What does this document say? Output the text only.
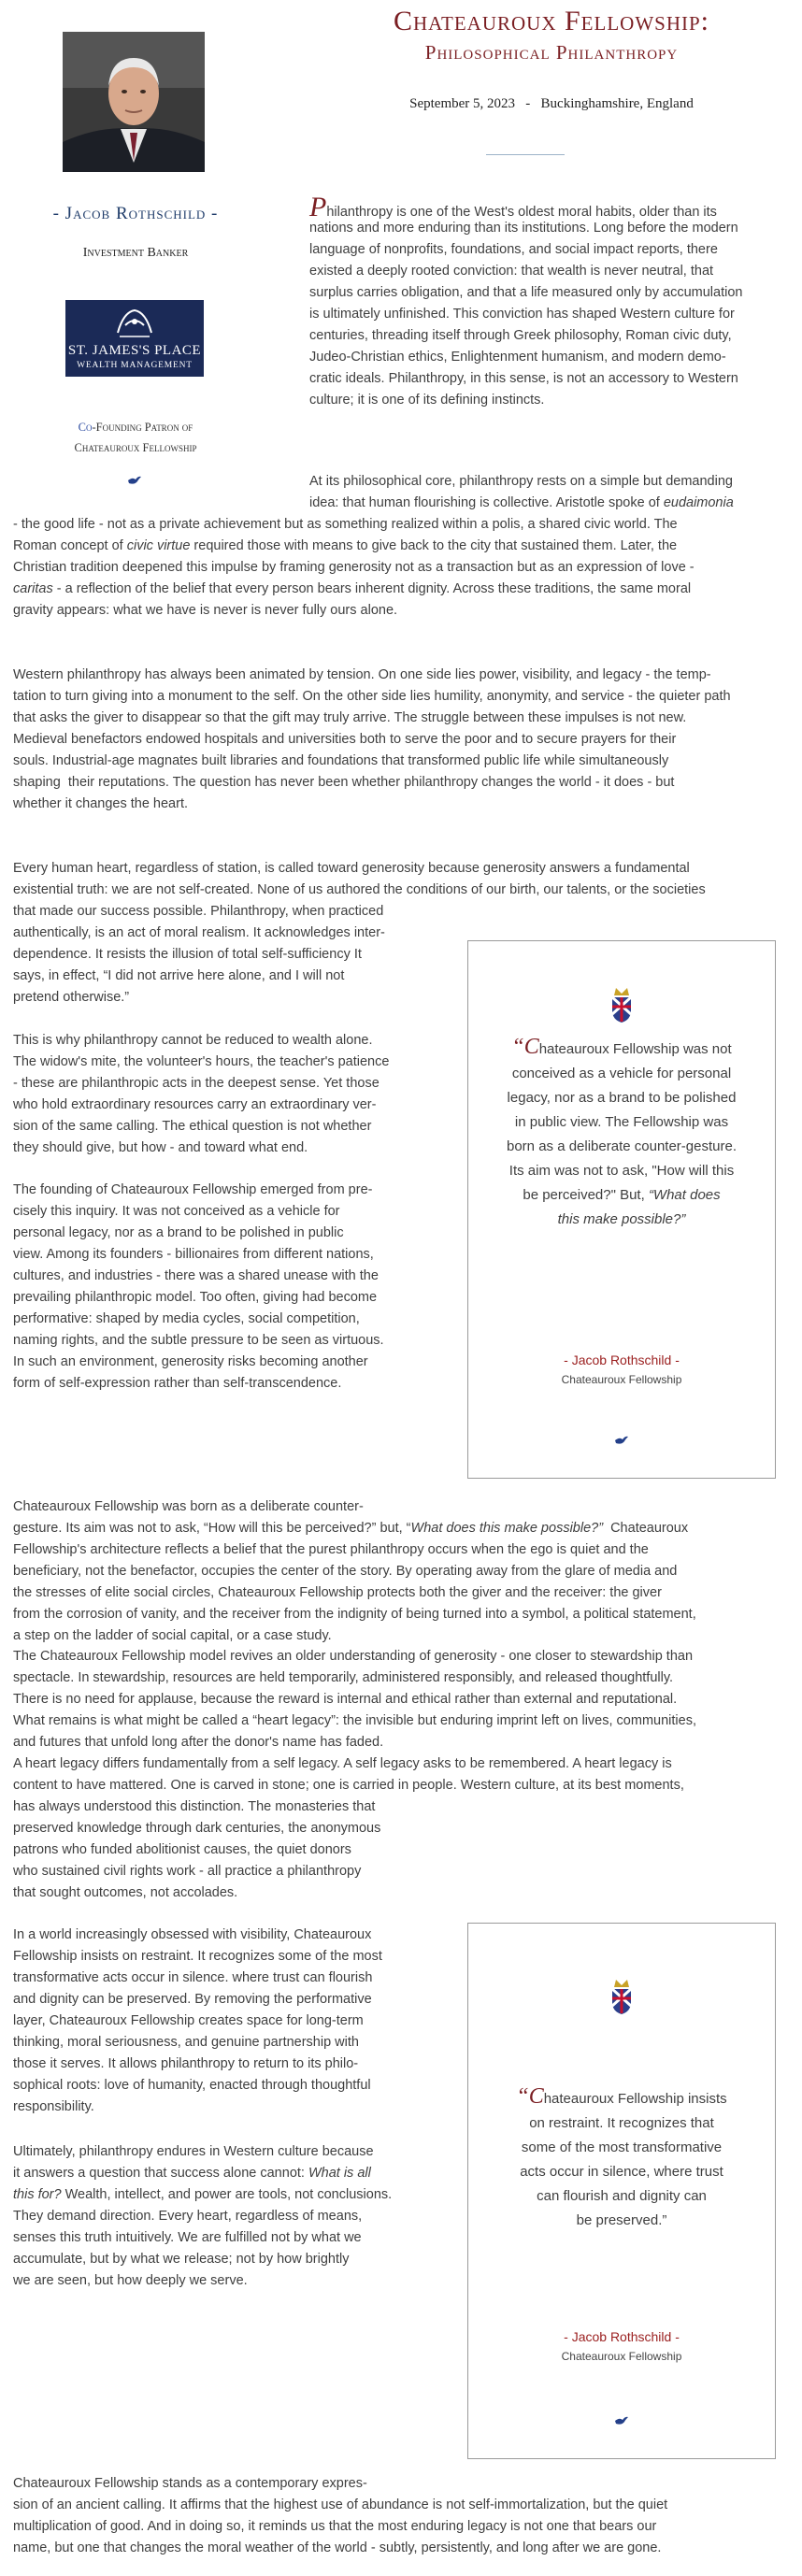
Chateauroux Fellowship:
Philosophical Philanthropy
September 5, 2023   -   Buckinghamshire, England
- Jacob Rothschild -
Investment Banker
ST. JAMES'S PLACE
WEALTH MANAGEMENT
Co-Founding Patron of
Chateauroux Fellowship
Philanthropy is one of the West's oldest moral habits, older than its
nations and more enduring than its institutions. Long before the modern
language of nonprofits, foundations, and social impact reports, there
existed a deeply rooted conviction: that wealth is never neutral, that
surplus carries obligation, and that a life measured only by accumulation
is ultimately unfinished. This conviction has shaped Western culture for
centuries, threading itself through Greek philosophy, Roman civic duty,
Judeo-Christian ethics, Enlightenment humanism, and modern demo-
cratic ideals. Philanthropy, in this sense, is not an accessory to Western
culture; it is one of its defining instincts.
At its philosophical core, philanthropy rests on a simple but demanding
idea: that human flourishing is collective. Aristotle spoke of eudaimonia
- the good life - not as a private achievement but as something realized within a polis, a shared civic world. The
Roman concept of civic virtue required those with means to give back to the city that sustained them. Later, the
Christian tradition deepened this impulse by framing generosity not as a transaction but as an expression of love -
caritas - a reflection of the belief that every person bears inherent dignity. Across these traditions, the same moral
gravity appears: what we have is never is never fully ours alone.
Western philanthropy has always been animated by tension. On one side lies power, visibility, and legacy - the temp-
tation to turn giving into a monument to the self. On the other side lies humility, anonymity, and service - the quieter path
that asks the giver to disappear so that the gift may truly arrive. The struggle between these impulses is not new.
Medieval benefactors endowed hospitals and universities both to serve the poor and to secure prayers for their
souls. Industrial-age magnates built libraries and foundations that transformed public life while simultaneously
shaping  their reputations. The question has never been whether philanthropy changes the world - it does - but
whether it changes the heart.
Every human heart, regardless of station, is called toward generosity because generosity answers a fundamental
existential truth: we are not self-created. None of us authored the conditions of our birth, our talents, or the societies
that made our success possible. Philanthropy, when practiced
authentically, is an act of moral realism. It acknowledges inter-
dependence. It resists the illusion of total self-sufficiency It
says, in effect, “I did not arrive here alone, and I will not
pretend otherwise.”
This is why philanthropy cannot be reduced to wealth alone.
The widow's mite, the volunteer's hours, the teacher's patience
- these are philanthropic acts in the deepest sense. Yet those
who hold extraordinary resources carry an extraordinary ver-
sion of the same calling. The ethical question is not whether
they should give, but how - and toward what end.
The founding of Chateauroux Fellowship emerged from pre-
cisely this inquiry. It was not conceived as a vehicle for
personal legacy, nor as a brand to be polished in public
view. Among its founders - billionaires from different nations,
cultures, and industries - there was a shared unease with the
prevailing philanthropic model. Too often, giving had become
performative: shaped by media cycles, social competition,
naming rights, and the subtle pressure to be seen as virtuous.
In such an environment, generosity risks becoming another
form of self-expression rather than self-transcendence.
“Chateauroux Fellowship was not
conceived as a vehicle for personal
legacy, nor as a brand to be polished
in public view. The Fellowship was
born as a deliberate counter-gesture.
Its aim was not to ask, "How will this
be perceived?" But, “What does
this make possible?”
- Jacob Rothschild -
Chateauroux Fellowship
Chateauroux Fellowship was born as a deliberate counter-
gesture. Its aim was not to ask, “How will this be perceived?” but, “What does this make possible?”  Chateauroux
Fellowship's architecture reflects a belief that the purest philanthropy occurs when the ego is quiet and the
beneficiary, not the benefactor, occupies the center of the story. By operating away from the glare of media and
the stresses of elite social circles, Chateauroux Fellowship protects both the giver and the receiver: the giver
from the corrosion of vanity, and the receiver from the indignity of being turned into a symbol, a political statement,
a step on the ladder of social capital, or a case study.
The Chateauroux Fellowship model revives an older understanding of generosity - one closer to stewardship than
spectacle. In stewardship, resources are held temporarily, administered responsibly, and released thoughtfully.
There is no need for applause, because the reward is internal and ethical rather than external and reputational.
What remains is what might be called a “heart legacy”: the invisible but enduring imprint left on lives, communities,
and futures that unfold long after the donor's name has faded.
A heart legacy differs fundamentally from a self legacy. A self legacy asks to be remembered. A heart legacy is
content to have mattered. One is carved in stone; one is carried in people. Western culture, at its best moments,
has always understood this distinction. The monasteries that
preserved knowledge through dark centuries, the anonymous
patrons who funded abolitionist causes, the quiet donors
who sustained civil rights work - all practice a philanthropy
that sought outcomes, not accolades.
In a world increasingly obsessed with visibility, Chateauroux
Fellowship insists on restraint. It recognizes some of the most
transformative acts occur in silence. where trust can flourish
and dignity can be preserved. By removing the performative
layer, Chateauroux Fellowship creates space for long-term
thinking, moral seriousness, and genuine partnership with
those it serves. It allows philanthropy to return to its philo-
sophical roots: love of humanity, enacted through thoughtful
responsibility.
Ultimately, philanthropy endures in Western culture because
it answers a question that success alone cannot: What is all
this for? Wealth, intellect, and power are tools, not conclusions.
They demand direction. Every heart, regardless of means,
senses this truth intuitively. We are fulfilled not by what we
accumulate, but by what we release; not by how brightly
we are seen, but how deeply we serve.
“Chateauroux Fellowship insists
on restraint. It recognizes that
some of the most transformative
acts occur in silence, where trust
can flourish and dignity can
be preserved.”
- Jacob Rothschild -
Chateauroux Fellowship
Chateauroux Fellowship stands as a contemporary expres-
sion of an ancient calling. It affirms that the highest use of abundance is not self-immortalization, but the quiet
multiplication of good. And in doing so, it reminds us that the most enduring legacy is not one that bears our
name, but one that changes the moral weather of the world - subtly, persistently, and long after we are gone.
